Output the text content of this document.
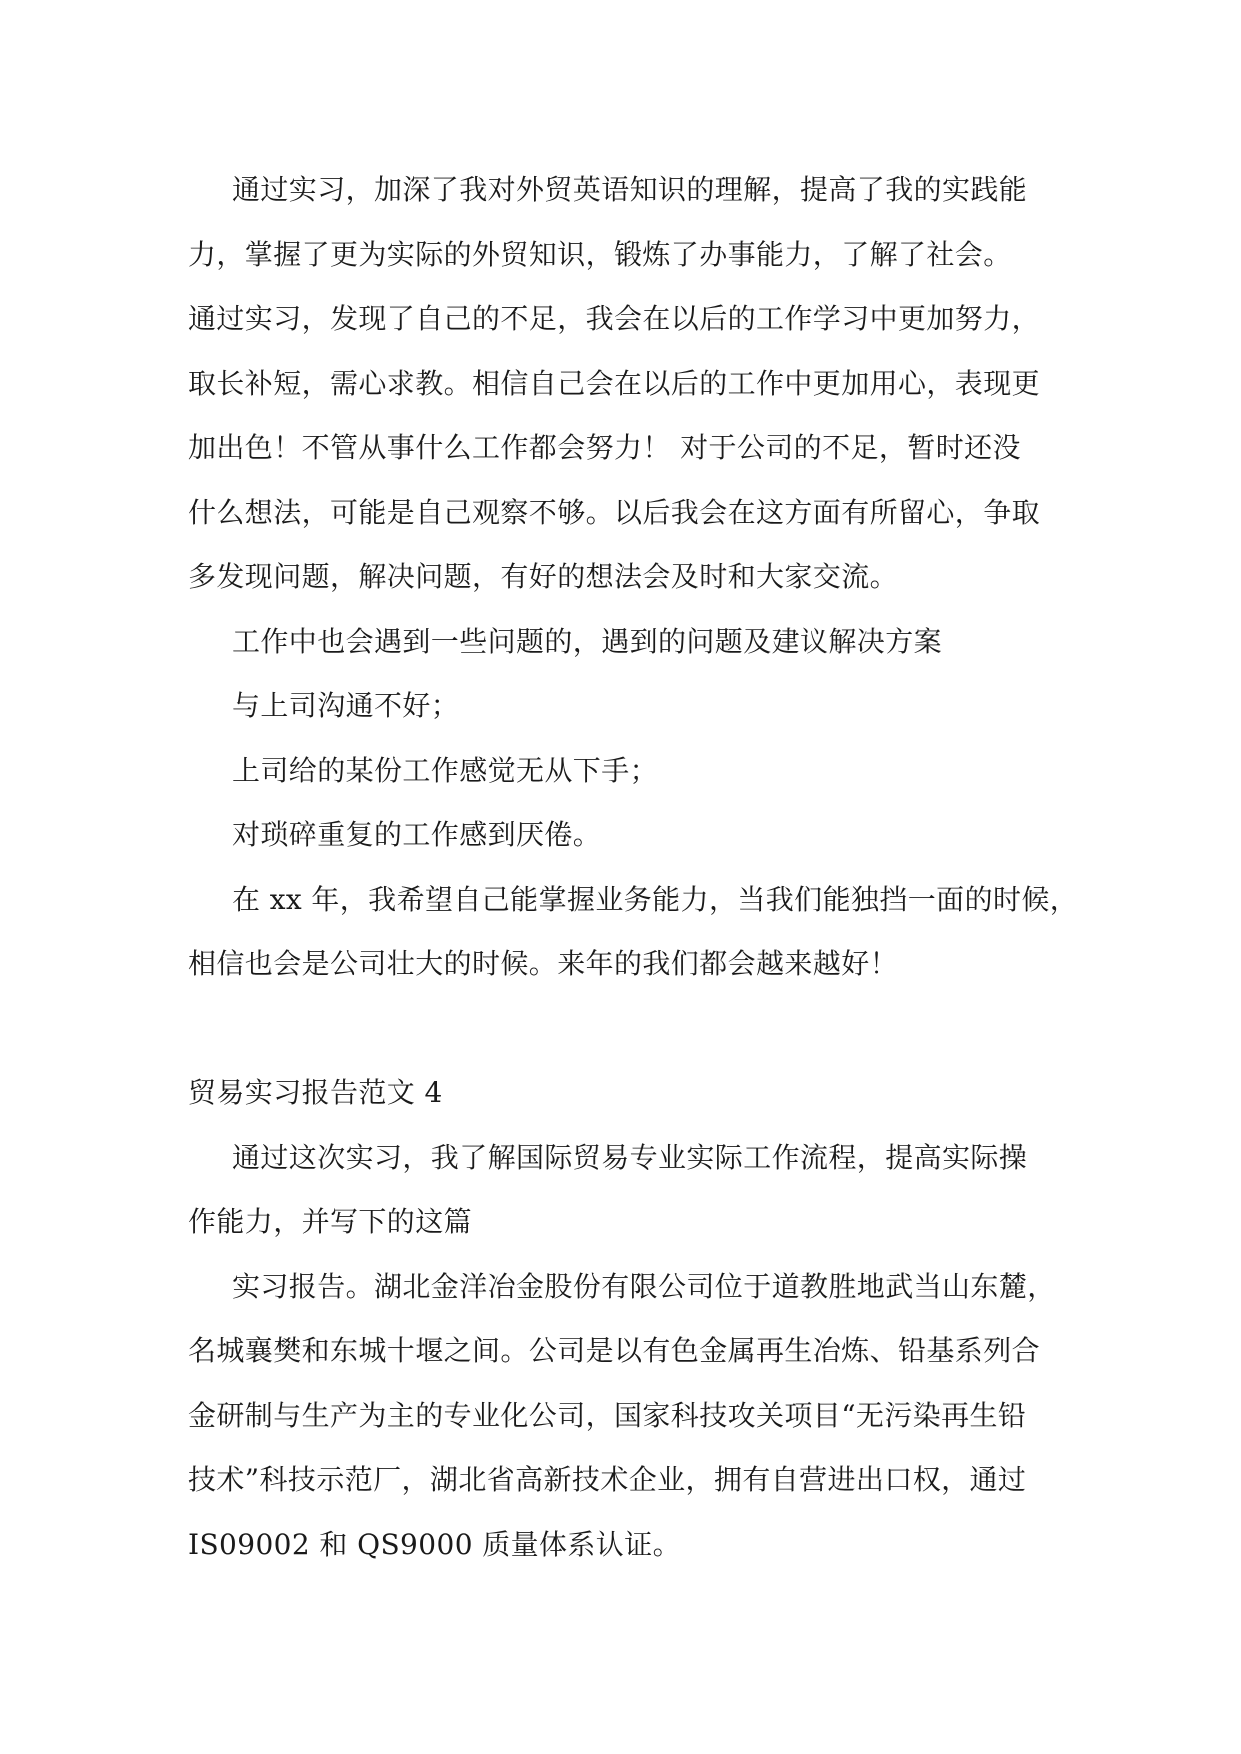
通过实习，加深了我对外贸英语知识的理解，提高了我的实践能
力，掌握了更为实际的外贸知识，锻炼了办事能力，了解了社会。
通过实习，发现了自己的不足，我会在以后的工作学习中更加努力，
取长补短，需心求教。相信自己会在以后的工作中更加用心，表现更
加出色！不管从事什么工作都会努力！ 对于公司的不足，暂时还没
什么想法，可能是自己观察不够。以后我会在这方面有所留心，争取
多发现问题，解决问题，有好的想法会及时和大家交流。
工作中也会遇到一些问题的，遇到的问题及建议解决方案
与上司沟通不好；
上司给的某份工作感觉无从下手；
对琐碎重复的工作感到厌倦。
在 xx 年，我希望自己能掌握业务能力，当我们能独挡一面的时候，
相信也会是公司壮大的时候。来年的我们都会越来越好！
贸易实习报告范文 4
通过这次实习，我了解国际贸易专业实际工作流程，提高实际操
作能力，并写下的这篇
实习报告。湖北金洋冶金股份有限公司位于道教胜地武当山东麓，
名城襄樊和东城十堰之间。公司是以有色金属再生冶炼、铅基系列合
金研制与生产为主的专业化公司，国家科技攻关项目“无污染再生铅
技术”科技示范厂，湖北省高新技术企业，拥有自营进出口权，通过
IS09002 和 QS9000 质量体系认证。
